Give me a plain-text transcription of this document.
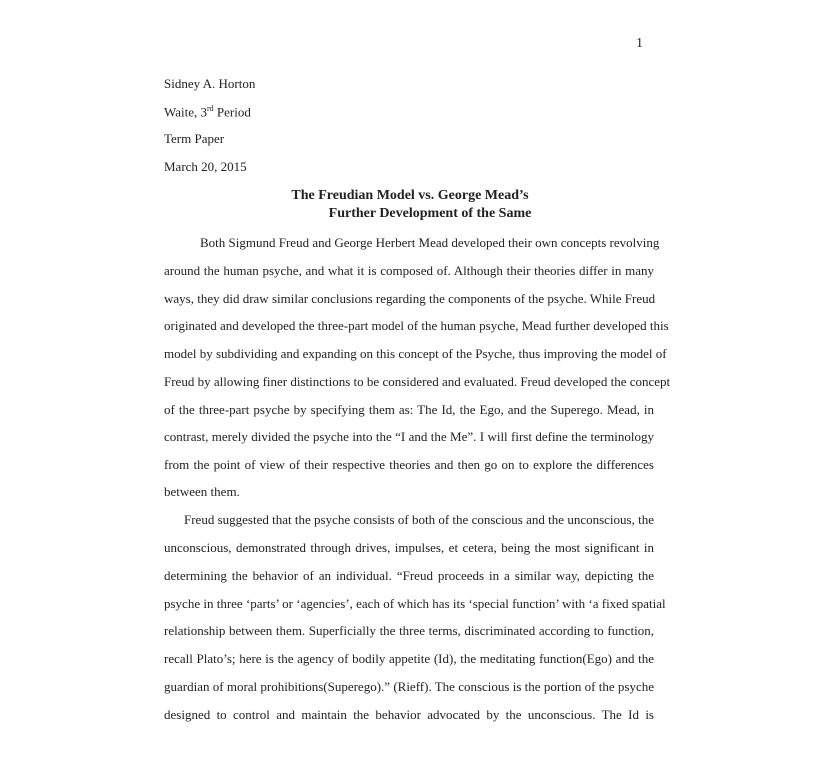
1
Sidney A. Horton
Waite, 3rd Period
Term Paper
March 20, 2015
The Freudian Model vs. George Mead’s
Further Development of the Same
Both Sigmund Freud and George Herbert Mead developed their own concepts revolving
around the human psyche, and what it is composed of. Although their theories differ in many
ways, they did draw similar conclusions regarding the components of the psyche. While Freud
originated and developed the three-part model of the human psyche, Mead further developed this
model by subdividing and expanding on this concept of the Psyche, thus improving the model of
Freud by allowing finer distinctions to be considered and evaluated. Freud developed the concept
of the three-part psyche by specifying them as: The Id, the Ego, and the Superego. Mead, in
contrast, merely divided the psyche into the “I and the Me”. I will first define the terminology
from the point of view of their respective theories and then go on to explore the differences
between them.
Freud suggested that the psyche consists of both of the conscious and the unconscious, the
unconscious, demonstrated through drives, impulses, et cetera, being the most significant in
determining the behavior of an individual. “Freud proceeds in a similar way, depicting the
psyche in three ‘parts’ or ‘agencies’, each of which has its ‘special function’ with ‘a fixed spatial
relationship between them. Superficially the three terms, discriminated according to function,
recall Plato’s; here is the agency of bodily appetite (Id), the meditating function(Ego) and the
guardian of moral prohibitions(Superego).” (Rieff). The conscious is the portion of the psyche
designed to control and maintain the behavior advocated by the unconscious. The Id is
